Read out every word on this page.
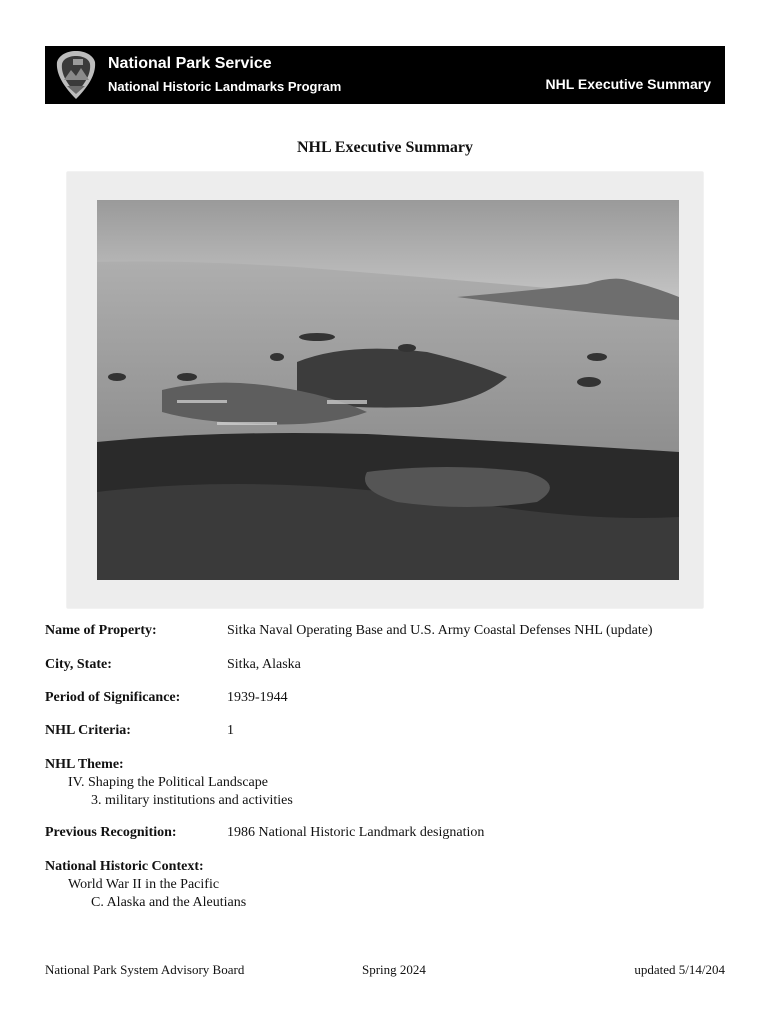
National Park Service
National Historic Landmarks Program	NHL Executive Summary
NHL Executive Summary
Name of Property:	Sitka Naval Operating Base and U.S. Army Coastal Defenses NHL (update)
City, State:	Sitka, Alaska
Period of Significance:	1939-1944
NHL Criteria:	1
NHL Theme:
IV. Shaping the Political Landscape
3. military institutions and activities
Previous Recognition:	1986 National Historic Landmark designation
National Historic Context:
World War II in the Pacific
C. Alaska and the Aleutians
National Park System Advisory Board	Spring 2024	updated 5/14/204
